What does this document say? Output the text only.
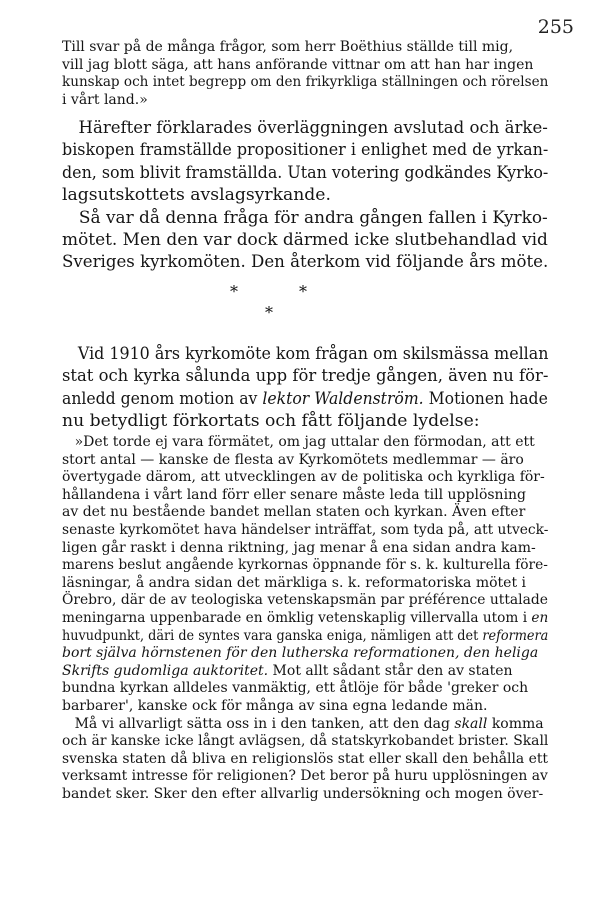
255
Till svar på de många frågor, som herr Boëthius ställde till mig,
vill jag blott säga, att hans anförande vittnar om att han har ingen
kunskap och intet begrepp om den frikyrkliga ställningen och rörelsen
i vårt land.»
Härefter förklarades överläggningen avslutad och ärke-
biskopen framställde propositioner i enlighet med de yrkan-
den, som blivit framställda. Utan votering godkändes Kyrko-
lagsutskottets avslagsyrkande.
Så var då denna fråga för andra gången fallen i Kyrko-
mötet. Men den var dock därmed icke slutbehandlad vid
Sveriges kyrkomöten. Den återkom vid följande års möte.
*	*
*
Vid 1910 års kyrkomöte kom frågan om skilsmässa mellan
stat och kyrka sålunda upp för tredje gången, även nu för-
anledd genom motion av lektor Waldenström. Motionen hade
nu betydligt förkortats och fått följande lydelse:
»Det torde ej vara förmätet, om jag uttalar den förmodan, att ett
stort antal — kanske de flesta av Kyrkomötets medlemmar — äro
övertygade därom, att utvecklingen av de politiska och kyrkliga för-
hållandena i vårt land förr eller senare måste leda till upplösning
av det nu bestående bandet mellan staten och kyrkan. Även efter
senaste kyrkomötet hava händelser inträffat, som tyda på, att utveck-
ligen går raskt i denna riktning, jag menar å ena sidan andra kam-
marens beslut angående kyrkornas öppnande för s. k. kulturella före-
läsningar, å andra sidan det märkliga s. k. reformatoriska mötet i
Örebro, där de av teologiska vetenskapsmän par préférence uttalade
meningarna uppenbarade en ömklig vetenskaplig villervalla utom i en
huvudpunkt, däri de syntes vara ganska eniga, nämligen att det reformera
bort själva hörnstenen för den lutherska reformationen, den heliga
Skrifts gudomliga auktoritet. Mot allt sådant står den av staten
bundna kyrkan alldeles vanmäktig, ett åtlöje för både 'greker och
barbarer', kanske ock för många av sina egna ledande män.
Må vi allvarligt sätta oss in i den tanken, att den dag skall komma
och är kanske icke långt avlägsen, då statskyrkobandet brister. Skall
svenska staten då bliva en religionslös stat eller skall den behålla ett
verksamt intresse för religionen? Det beror på huru upplösningen av
bandet sker. Sker den efter allvarlig undersökning och mogen över-
